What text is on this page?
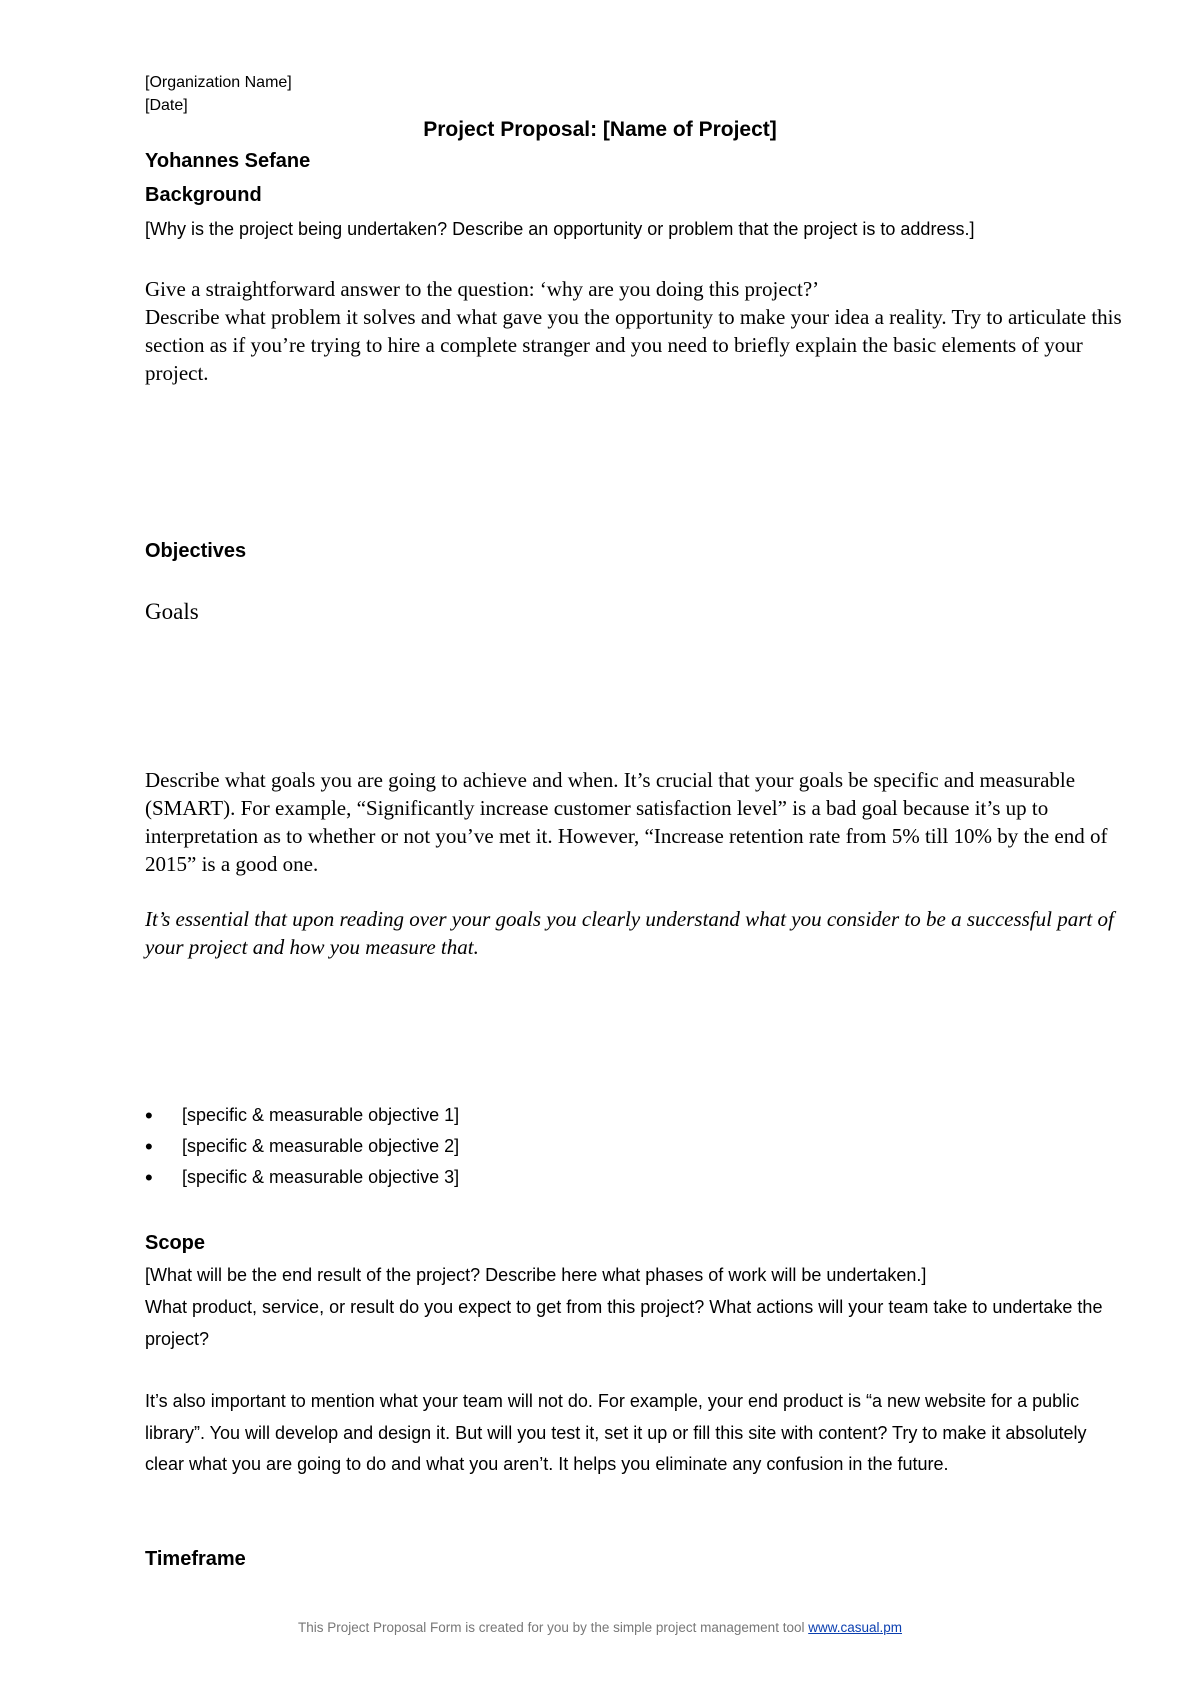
[Organization Name]

[Date]

Project Proposal: [Name of Project]

Yohannes Sefane

Background

[Why is the project being undertaken? Describe an opportunity or problem that the project is to address.]

Give a straightforward answer to the question: ‘why are you doing this project?’

Describe what problem it solves and what gave you the opportunity to make your idea a reality. Try to articulate this section as if you’re trying to hire a complete stranger and you need to briefly explain the basic elements of your project.

Objectives

Goals

Describe what goals you are going to achieve and when. It’s crucial that your goals be specific and measurable (SMART). For example, “Significantly increase customer satisfaction level” is a bad goal because it’s up to interpretation as to whether or not you’ve met it. However, “Increase retention rate from 5% till 10% by the end of 2015” is a good one.

It’s essential that upon reading over your goals you clearly understand what you consider to be a successful part of your project and how you measure that.

• [specific & measurable objective 1]
• [specific & measurable objective 2]
• [specific & measurable objective 3]

Scope

[What will be the end result of the project? Describe here what phases of work will be undertaken.]

What product, service, or result do you expect to get from this project? What actions will your team take to undertake the project?

It’s also important to mention what your team will not do. For example, your end product is “a new website for a public library”. You will develop and design it. But will you test it, set it up or fill this site with content? Try to make it absolutely clear what you are going to do and what you aren’t. It helps you eliminate any confusion in the future.

Timeframe

This Project Proposal Form is created for you by the simple project management tool www.casual.pm
